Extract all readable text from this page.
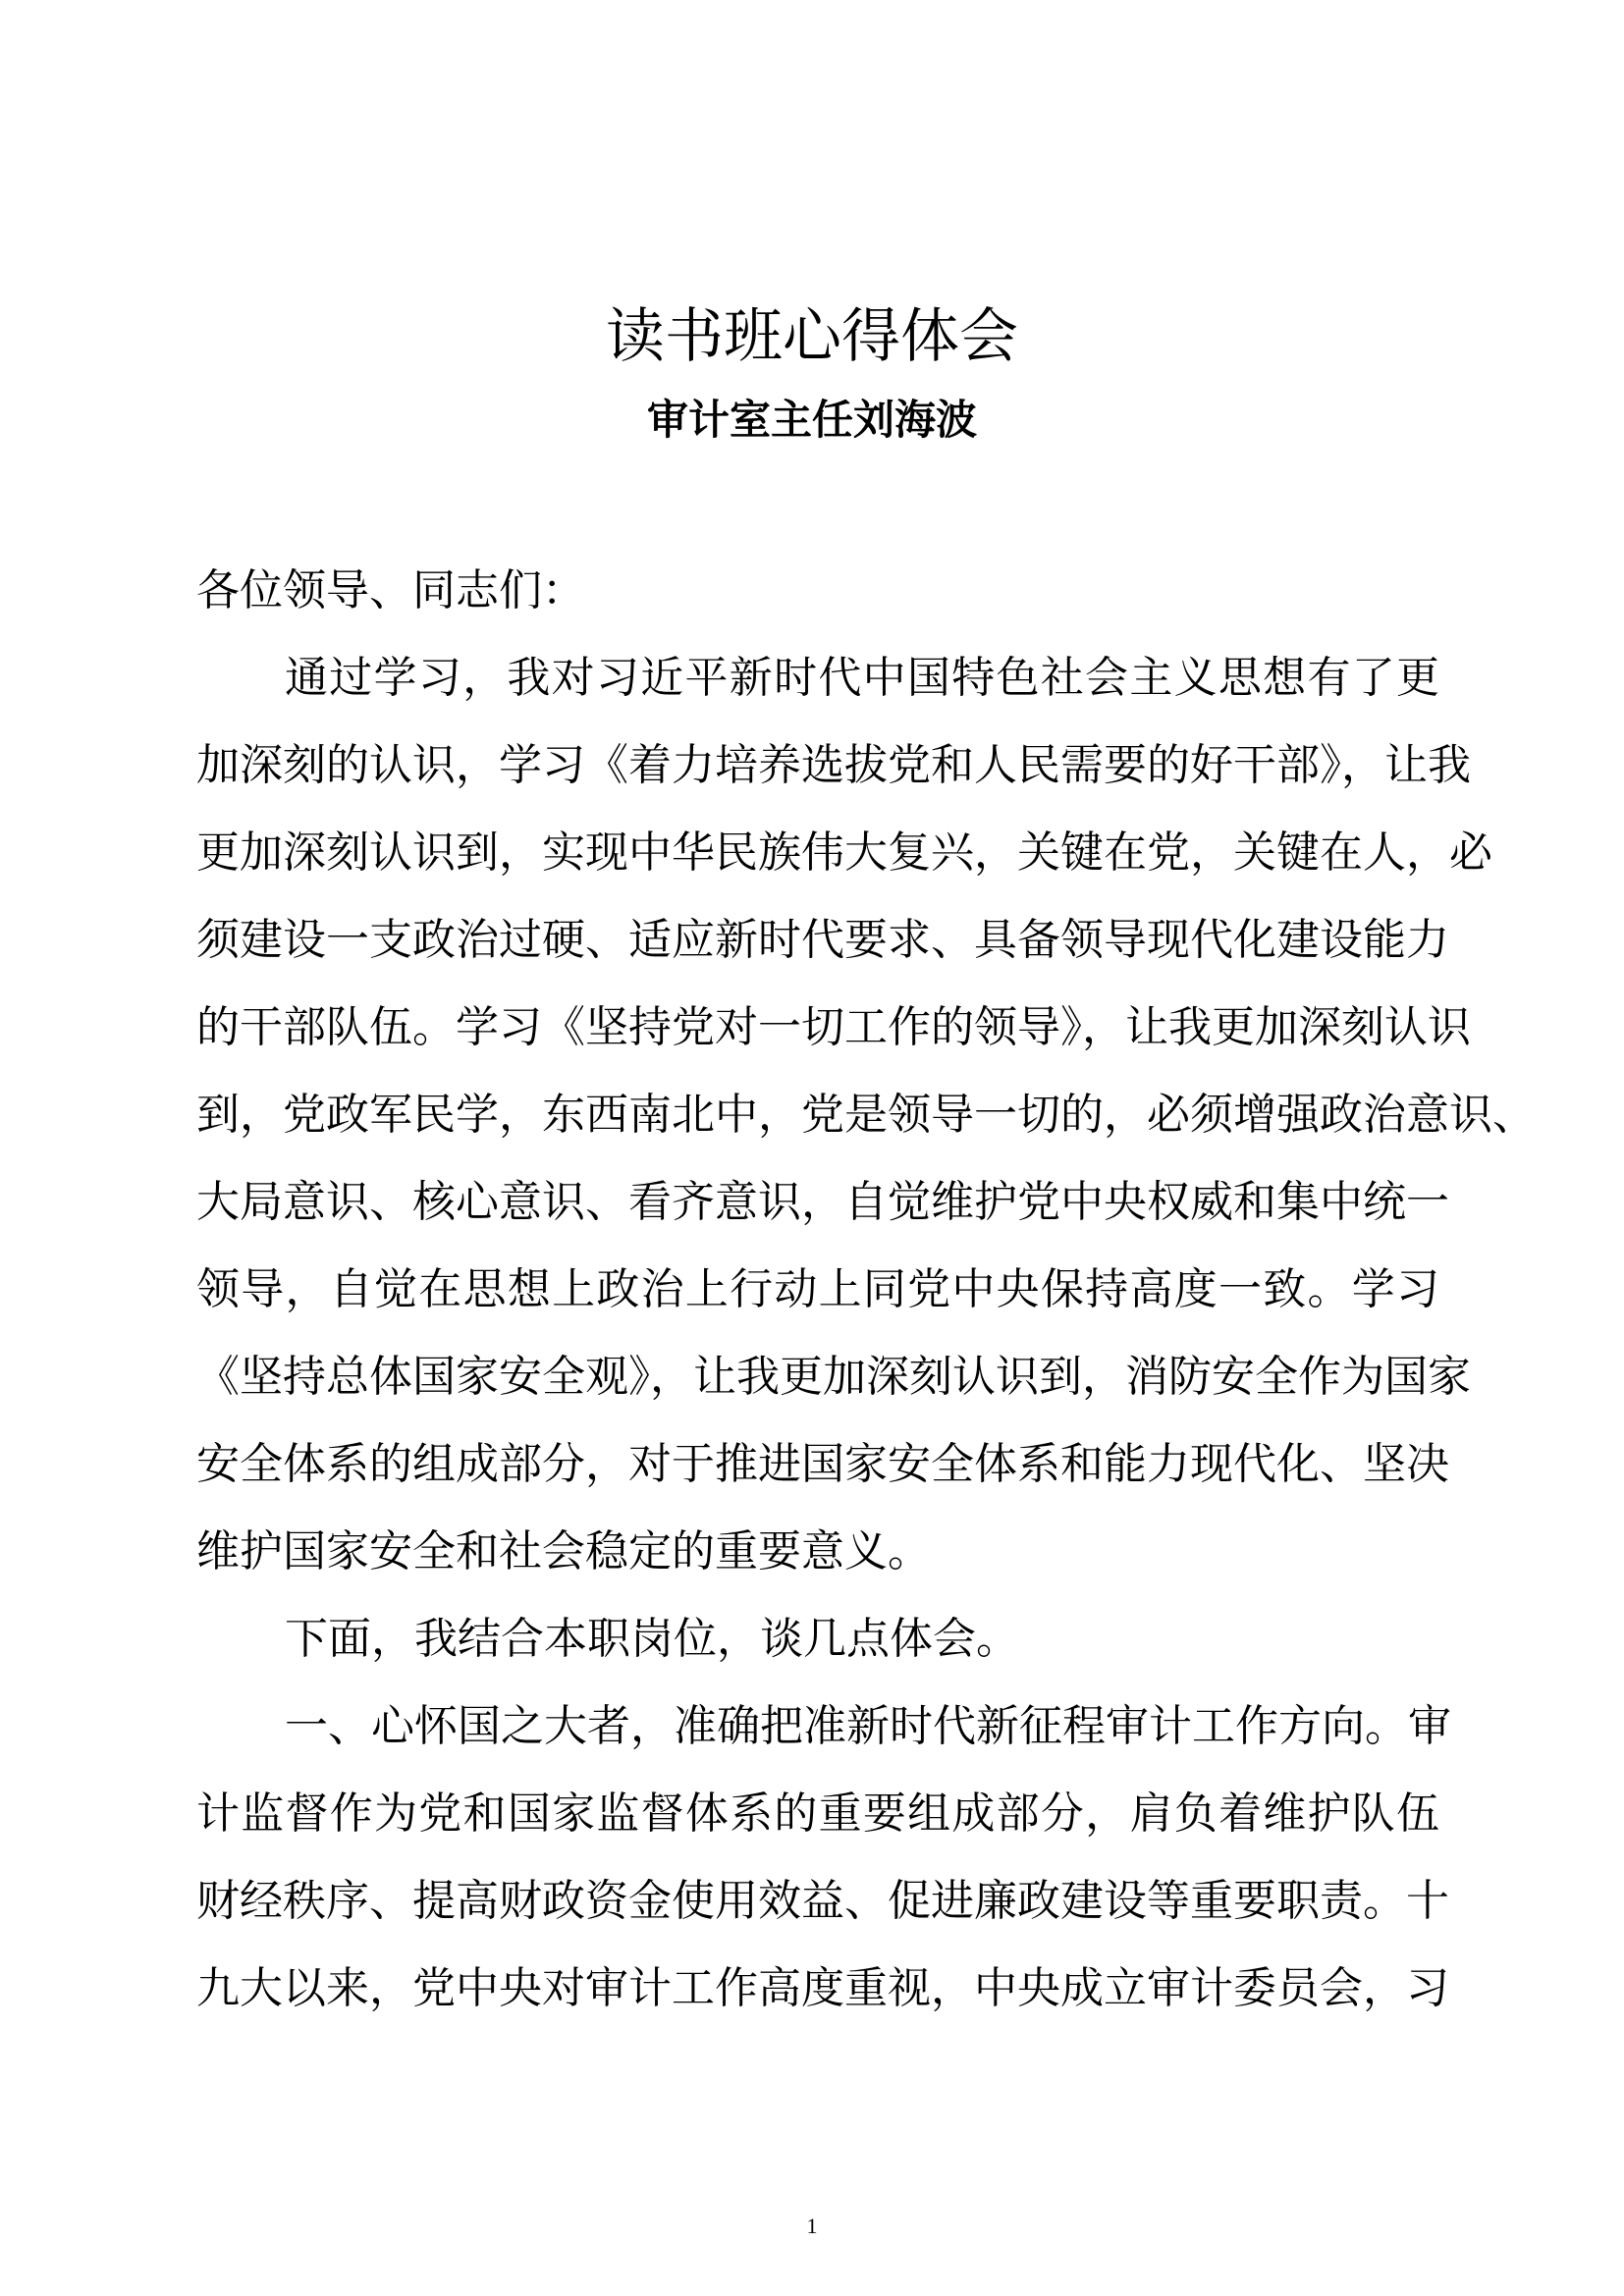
读书班心得体会
审计室主任刘海波
各位领导、同志们：
通过学习，我对习近平新时代中国特色社会主义思想有了更
加深刻的认识，学习《着力培养选拔党和人民需要的好干部》，让我
更加深刻认识到，实现中华民族伟大复兴，关键在党，关键在人，必
须建设一支政治过硬、适应新时代要求、具备领导现代化建设能力
的干部队伍。学习《坚持党对一切工作的领导》，让我更加深刻认识
到，党政军民学，东西南北中，党是领导一切的，必须增强政治意识、
大局意识、核心意识、看齐意识，自觉维护党中央权威和集中统一
领导，自觉在思想上政治上行动上同党中央保持高度一致。学习
《坚持总体国家安全观》，让我更加深刻认识到，消防安全作为国家
安全体系的组成部分，对于推进国家安全体系和能力现代化、坚决
维护国家安全和社会稳定的重要意义。
下面，我结合本职岗位，谈几点体会。
一、心怀国之大者，准确把准新时代新征程审计工作方向。审
计监督作为党和国家监督体系的重要组成部分，肩负着维护队伍
财经秩序、提高财政资金使用效益、促进廉政建设等重要职责。十
九大以来，党中央对审计工作高度重视，中央成立审计委员会，习
1
